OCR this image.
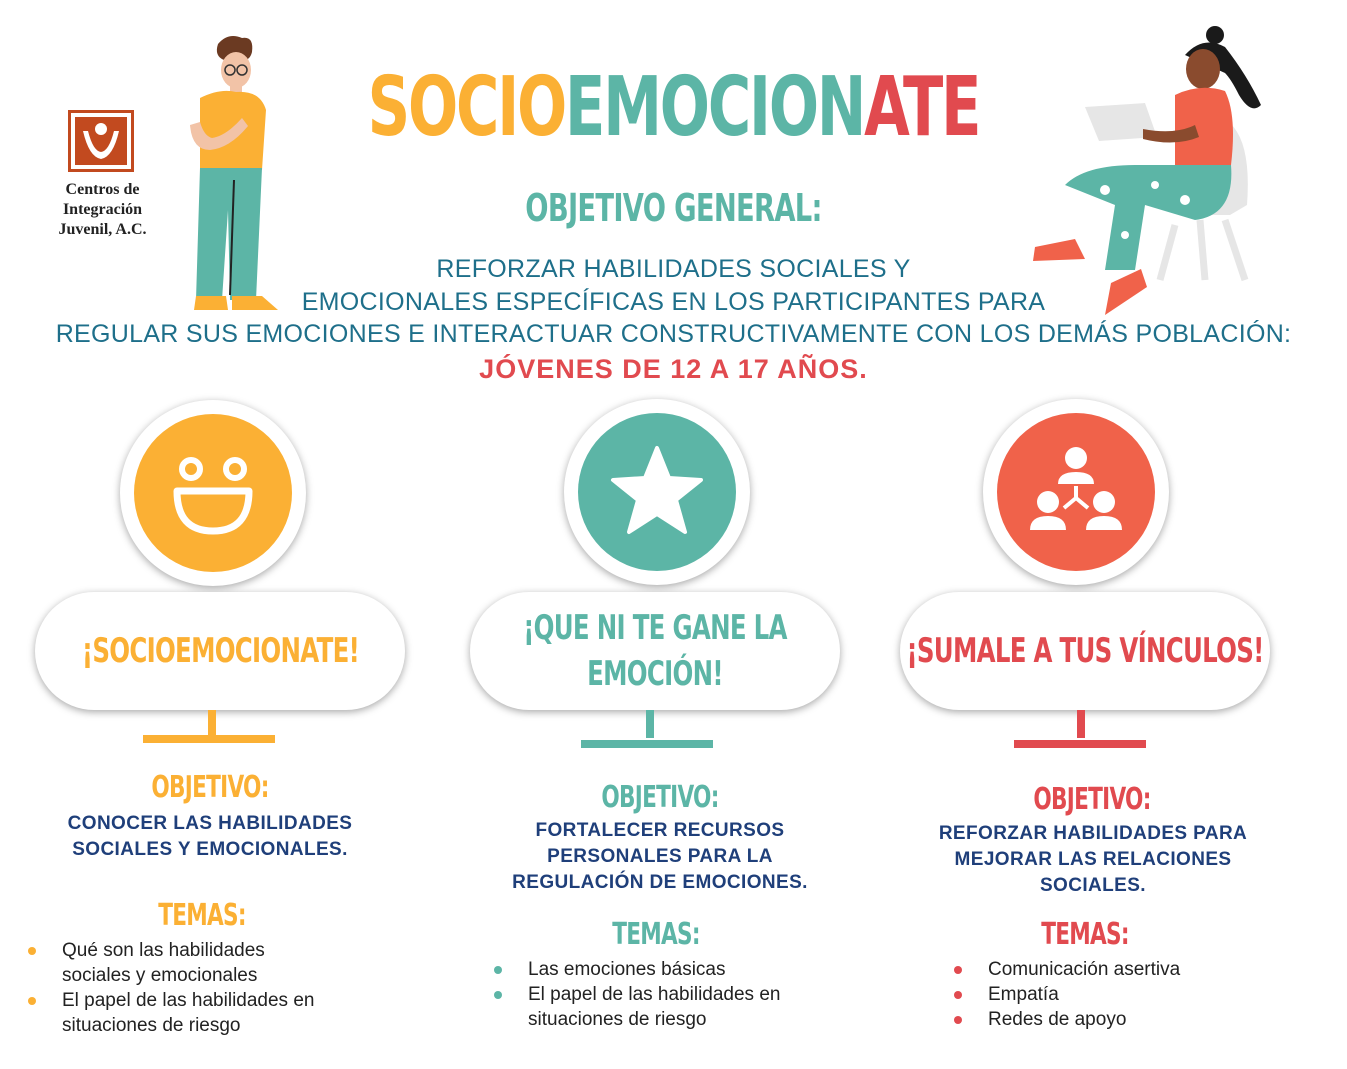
Centros de
Integración
Juvenil, A.C.
SOCIOEMOCIONATE
OBJETIVO GENERAL:
REFORZAR HABILIDADES SOCIALES Y
EMOCIONALES ESPECÍFICAS EN LOS PARTICIPANTES PARA
REGULAR SUS EMOCIONES E INTERACTUAR CONSTRUCTIVAMENTE CON LOS DEMÁS POBLACIÓN:
JÓVENES DE 12 A 17 AÑOS.
¡SOCIOEMOCIONATE!
OBJETIVO:
CONOCER LAS HABILIDADES
SOCIALES Y EMOCIONALES.
TEMAS:
Qué son las habilidades
sociales y emocionales
El papel de las habilidades en
situaciones de riesgo
¡QUE NI TE GANE LA
EMOCIÓN!
OBJETIVO:
FORTALECER RECURSOS
PERSONALES PARA LA
REGULACIÓN DE EMOCIONES.
TEMAS:
Las emociones básicas
El papel de las habilidades en
situaciones de riesgo
¡SUMALE A TUS VÍNCULOS!
OBJETIVO:
REFORZAR HABILIDADES PARA
MEJORAR LAS RELACIONES
SOCIALES.
TEMAS:
Comunicación asertiva
Empatía
Redes de apoyo
